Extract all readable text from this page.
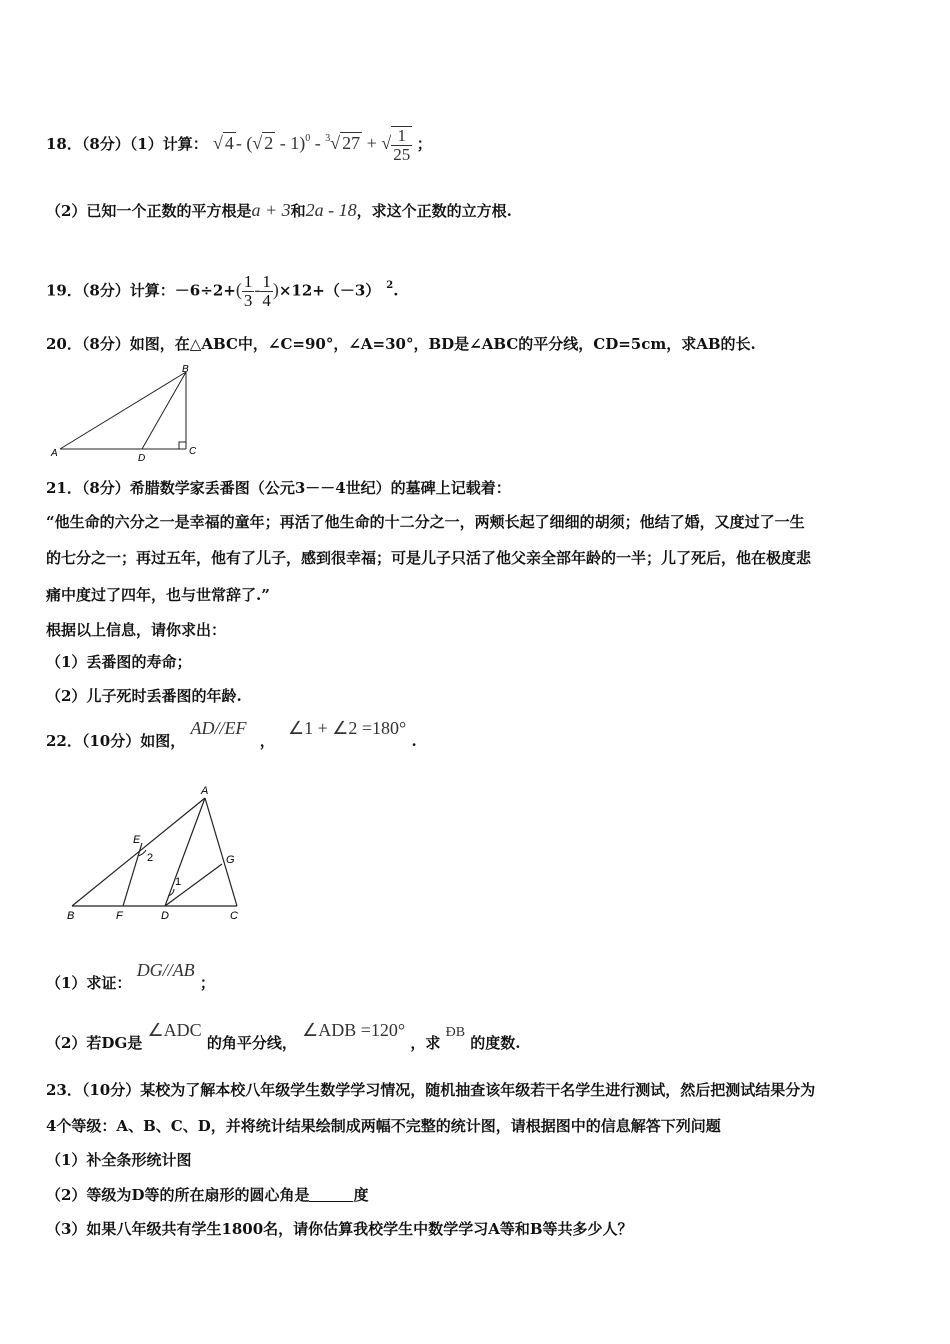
18．（8分）（1）计算： √ 4 - (√ 2 - 1)$^0$ - $^3$√ 27 + √ $\frac{1}{25}$ ；
（2）已知一个正数的平方根是a + 3和2a - 18，求这个正数的立方根.
19．（8分）计算：$-6\div 2+( \frac{1}{3} - \frac{1}{4} )\times 12+(-3)$ $^2$.
20．（8分）如图，在△ABC中，∠C=90°，∠A=30°，BD是∠ABC的平分线，CD=5cm，求AB的长.
A
B
C
D
21．（8分）希腊数学家丢番图（公元3－－4世纪）的墓碑上记载着：
“他生命的六分之一是幸福的童年；再活了他生命的十二分之一，两颊长起了细细的胡须；他结了婚，又度过了一生
的七分之一；再过五年，他有了儿子，感到很幸福；可是儿子只活了他父亲全部年龄的一半；儿了死后，他在极度悲
痛中度过了四年，也与世常辞了.”
根据以上信息，请你求出：
（1）丢番图的寿命；
（2）儿子死时丢番图的年龄.
22．（10分）如图， AD//EF ， ∠1 + ∠2 =180° .
A
B	C
D
E
F
G
1
2
（1）求证： DG//AB ；
（2）若DG是 ∠ADC 的角平分线， ∠ADB =120° ，求 ÐB 的度数.
23．（10分）某校为了解本校八年级学生数学学习情况，随机抽查该年级若干名学生进行测试，然后把测试结果分为
4个等级：A、B、C、D，并将统计结果绘制成两幅不完整的统计图，请根据图中的信息解答下列问题
（1）补全条形统计图
（2）等级为D等的所在扇形的圆心角是	度
（3）如果八年级共有学生1800名，请你估算我校学生中数学学习A等和B等共多少人？
